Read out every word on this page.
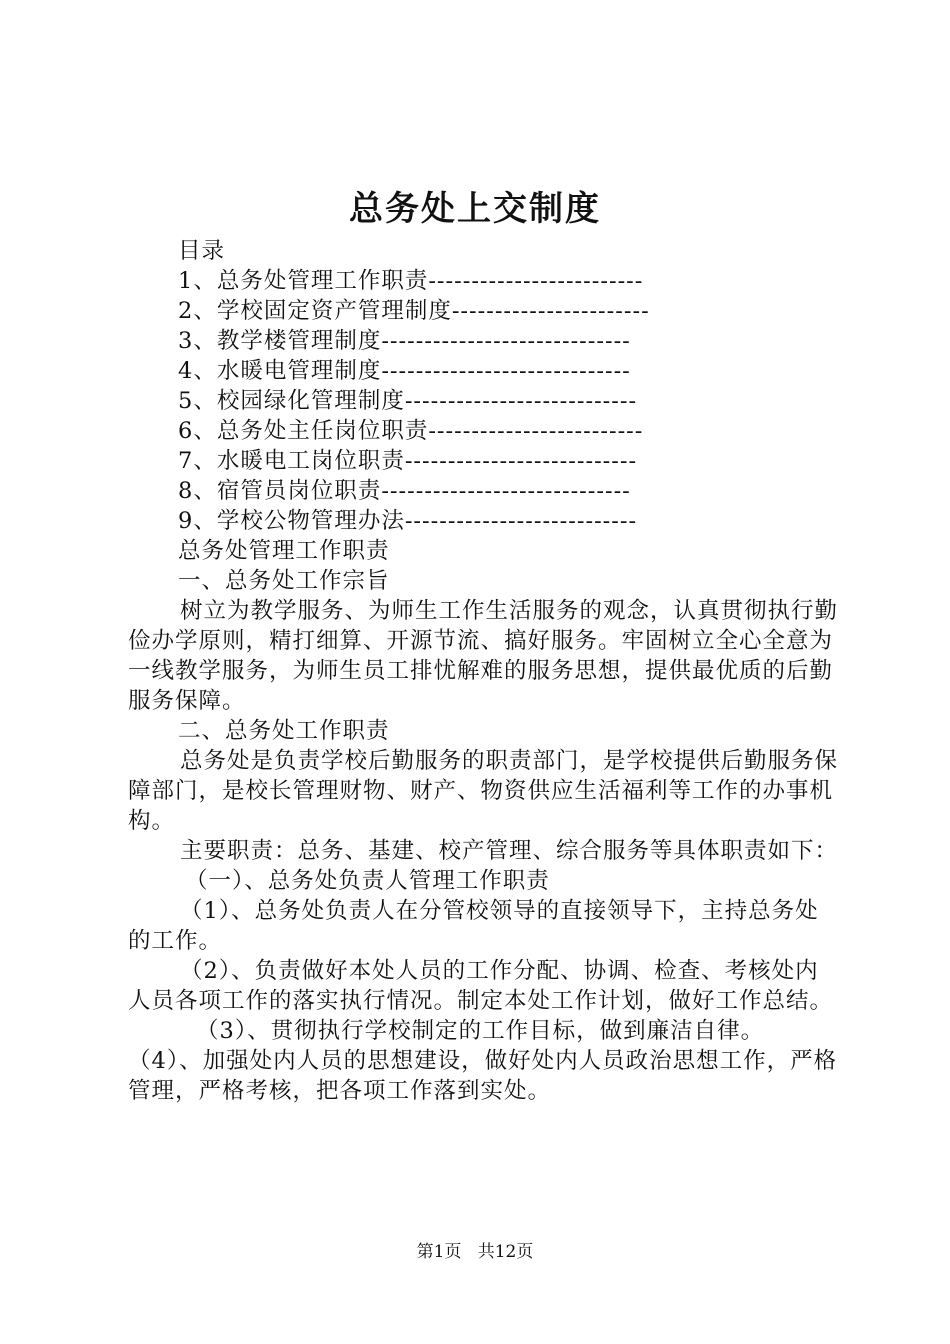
总务处上交制度
目录
1、总务处管理工作职责-------------------------
2、学校固定资产管理制度-----------------------
3、教学楼管理制度-----------------------------
4、水暖电管理制度-----------------------------
5、校园绿化管理制度---------------------------
6、总务处主任岗位职责-------------------------
7、水暖电工岗位职责---------------------------
8、宿管员岗位职责-----------------------------
9、学校公物管理办法---------------------------
总务处管理工作职责
一、总务处工作宗旨

树立为教学服务、为师生工作生活服务的观念，认真贯彻执行勤俭办学原则，精打细算、开源节流、搞好服务。牢固树立全心全意为一线教学服务，为师生员工排忧解难的服务思想，提供最优质的后勤服务保障。

二、总务处工作职责

总务处是负责学校后勤服务的职责部门，是学校提供后勤服务保障部门，是校长管理财物、财产、物资供应生活福利等工作的办事机构。

主要职责：总务、基建、校产管理、综合服务等具体职责如下：

（一）、总务处负责人管理工作职责

（1）、总务处负责人在分管校领导的直接领导下，主持总务处的工作。

（2）、负责做好本处人员的工作分配、协调、检查、考核处内人员各项工作的落实执行情况。制定本处工作计划，做好工作总结。

（3）、贯彻执行学校制定的工作目标，做到廉洁自律。

（4）、加强处内人员的思想建设，做好处内人员政治思想工作，严格管理，严格考核，把各项工作落到实处。

第1页 共12页
